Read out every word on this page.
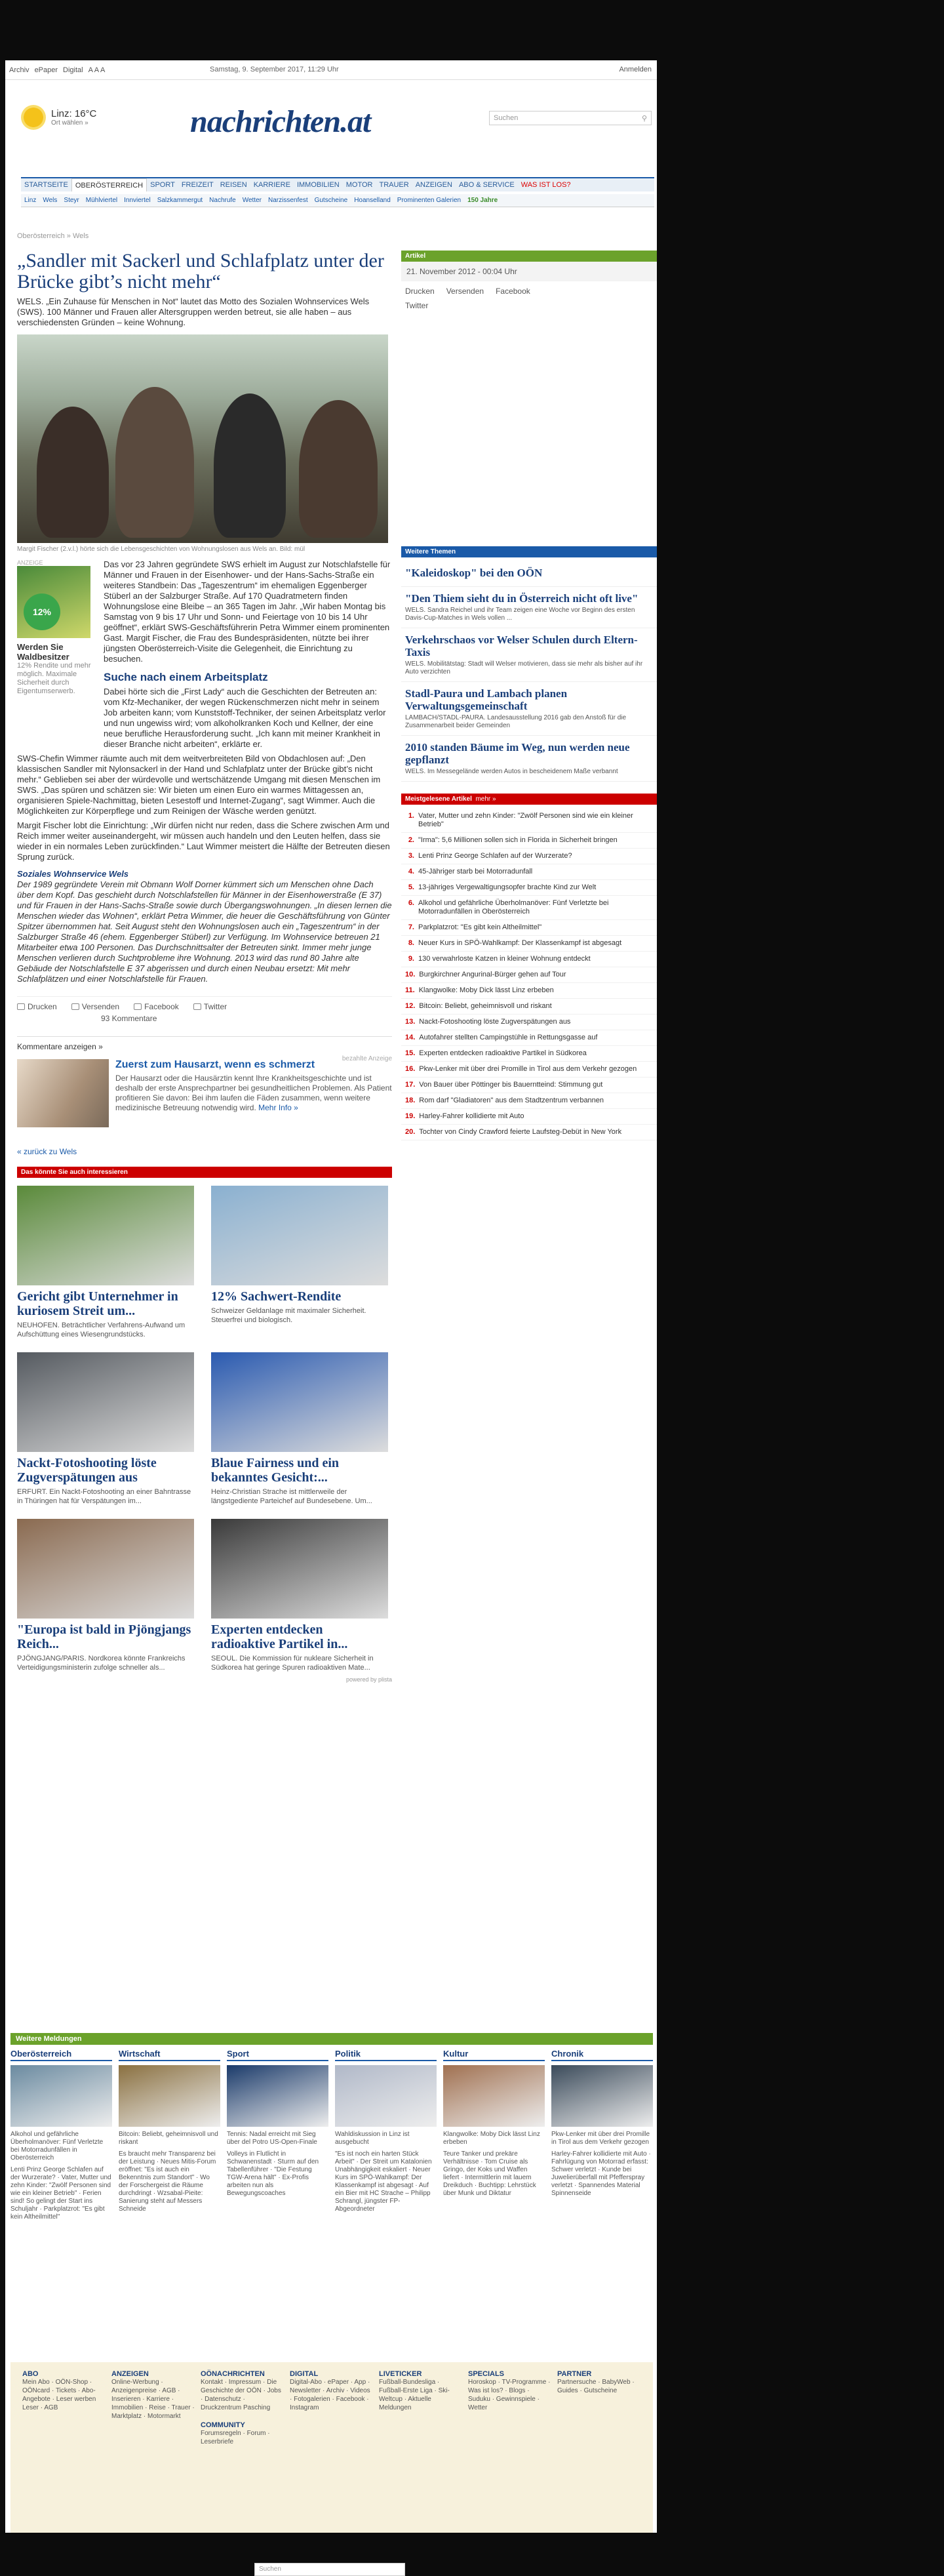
Archiv ePaper Digital A A A	Samstag, 9. September 2017, 11:29 Uhr	Anmelden
Linz: 16°C
Ort wählen »	nachrichten.at	Suchen	⚲
STARTSEITE	OBERÖSTERREICH	SPORT FREIZEIT REISEN KARRIERE IMMOBILIEN MOTOR TRAUER ANZEIGEN ABO & SERVICE WAS IST LOS?
Linz	Wels	Steyr	Mühlviertel	Innviertel	Salzkammergut	Nachrufe	Wetter	Narzissenfest	Gutscheine	Hoanselland	Prominenten Galerien	150 Jahre
Oberösterreich » Wels
„Sandler mit Sackerl und Schlafplatz unter der Brücke gibt’s nicht mehr“

WELS. „Ein Zuhause für Menschen in Not“ lautet das Motto des Sozialen Wohnservices Wels (SWS). 100 Männer und Frauen aller Altersgruppen werden betreut, sie alle haben – aus verschiedensten Gründen – keine Wohnung.

Margit Fischer (2.v.l.) hörte sich die Lebensgeschichten von Wohnungslosen aus Wels an. Bild: mül

ANZEIGE
12%
Werden Sie Waldbesitzer

12% Rendite und mehr möglich. Maximale Sicherheit durch Eigentumserwerb.

Das vor 23 Jahren gegründete SWS erhielt im August zur Notschlafstelle für Männer und Frauen in der Eisenhower- und der Hans-Sachs-Straße ein weiteres Standbein: Das „Tageszentrum“ im ehemaligen Eggenberger Stüberl an der Salzburger Straße. Auf 170 Quadratmetern finden Wohnungslose eine Bleibe – an 365 Tagen im Jahr. „Wir haben Montag bis Samstag von 9 bis 17 Uhr und Sonn- und Feiertage von 10 bis 14 Uhr geöffnet“, erklärt SWS-Geschäftsführerin Petra Wimmer einem prominenten Gast. Margit Fischer, die Frau des Bundespräsidenten, nützte bei ihrer jüngsten Oberösterreich-Visite die Gelegenheit, die Einrichtung zu besuchen.

Suche nach einem Arbeitsplatz

Dabei hörte sich die „First Lady“ auch die Geschichten der Betreuten an: vom Kfz-Mechaniker, der wegen Rückenschmerzen nicht mehr in seinem Job arbeiten kann; vom Kunststoff-Techniker, der seinen Arbeitsplatz verlor und nun ungewiss wird; vom alkoholkranken Koch und Kellner, der eine neue berufliche Herausforderung sucht. „Ich kann mit meiner Krankheit in dieser Branche nicht arbeiten“, erklärte er.

SWS-Chefin Wimmer räumte auch mit dem weitverbreiteten Bild von Obdachlosen auf: „Den klassischen Sandler mit Nylonsackerl in der Hand und Schlafplatz unter der Brücke gibt’s nicht mehr.“ Geblieben sei aber der würdevolle und wertschätzende Umgang mit diesen Menschen im SWS. „Das spüren und schätzen sie: Wir bieten um einen Euro ein warmes Mittagessen an, organisieren Spiele-Nachmittag, bieten Lesestoff und Internet-Zugang“, sagt Wimmer. Auch die Möglichkeiten zur Körperpflege und zum Reinigen der Wäsche werden genützt.

Margit Fischer lobt die Einrichtung: „Wir dürfen nicht nur reden, dass die Schere zwischen Arm und Reich immer weiter auseinandergeht, wir müssen auch handeln und den Leuten helfen, dass sie wieder in ein normales Leben zurückfinden.“ Laut Wimmer meistert die Hälfte der Betreuten diesen Sprung zurück.

Soziales Wohnservice Wels
Der 1989 gegründete Verein mit Obmann Wolf Dorner kümmert sich um Menschen ohne Dach über dem Kopf. Das geschieht durch Notschlafstellen für Männer in der Eisenhowerstraße (E 37) und für Frauen in der Hans-Sachs-Straße sowie durch Übergangswohnungen. „In diesen lernen die Menschen wieder das Wohnen“, erklärt Petra Wimmer, die heuer die Geschäftsführung von Günter Spitzer übernommen hat. Seit August steht den Wohnungslosen auch ein „Tageszentrum“ in der Salzburger Straße 46 (ehem. Eggenberger Stüberl) zur Verfügung. Im Wohnservice betreuen 21 Mitarbeiter etwa 100 Personen. Das Durchschnittsalter der Betreuten sinkt. Immer mehr junge Menschen verlieren durch Suchtprobleme ihre Wohnung. 2013 wird das rund 80 Jahre alte Gebäude der Notschlafstelle E 37 abgerissen und durch einen Neubau ersetzt: Mit mehr Schlafplätzen und einer Notschlafstelle für Frauen.
Drucken	Versenden	Facebook	Twitter
93 Kommentare
Kommentare anzeigen »
bezahlte Anzeige
Zuerst zum Hausarzt, wenn es schmerzt

Der Hausarzt oder die Hausärztin kennt Ihre Krankheitsgeschichte und ist deshalb der erste Ansprechpartner bei gesundheitlichen Problemen. Als Patient profitieren Sie davon: Bei ihm laufen die Fäden zusammen, wenn weitere medizinische Betreuung notwendig wird. Mehr Info »

« zurück zu Wels
Das könnte Sie auch interessieren
Gericht gibt Unternehmer in kuriosem Streit um...

NEUHOFEN. Beträchtlicher Verfahrens-Aufwand um Aufschüttung eines Wiesengrundstücks.

12% Sachwert-Rendite

Schweizer Geldanlage mit maximaler Sicherheit. Steuerfrei und biologisch.

Nackt-Fotoshooting löste Zugverspätungen aus

ERFURT. Ein Nackt-Fotoshooting an einer Bahntrasse in Thüringen hat für Verspätungen im...

Blaue Fairness und ein bekanntes Gesicht:...

Heinz-Christian Strache ist mittlerweile der längstgediente Parteichef auf Bundesebene. Um...

"Europa ist bald in Pjöngjangs Reich...

PJÖNGJANG/PARIS. Nordkorea könnte Frankreichs Verteidigungsministerin zufolge schneller als...

Experten entdecken radioaktive Partikel in...

SEOUL. Die Kommission für nukleare Sicherheit in Südkorea hat geringe Spuren radioaktiven Mate...

powered by plista
Artikel
21. November 2012 - 00:04 Uhr
Drucken Versenden Facebook
Twitter
Weitere Themen
"Kaleidoskop" bei den OÖN

"Den Thiem sieht du in Österreich nicht oft live"

WELS. Sandra Reichel und ihr Team zeigen eine Woche vor Beginn des ersten Davis-Cup-Matches in Wels vollen ...

Verkehrschaos vor Welser Schulen durch Eltern-Taxis

WELS. Mobilitätstag: Stadt will Welser motivieren, dass sie mehr als bisher auf ihr Auto verzichten

Stadl-Paura und Lambach planen Verwaltungsgemeinschaft

LAMBACH/STADL-PAURA. Landesausstellung 2016 gab den Anstoß für die Zusammenarbeit beider Gemeinden

2010 standen Bäume im Weg, nun werden neue gepflanzt

WELS. Im Messegelände werden Autos in bescheidenem Maße verbannt

Meistgelesene Artikel mehr »
1. Vater, Mutter und zehn Kinder: "Zwölf Personen sind wie ein kleiner Betrieb"
2. "Irma": 5,6 Millionen sollen sich in Florida in Sicherheit bringen
3. Lenti Prinz George Schlafen auf der Wurzerate?
4. 45-Jähriger starb bei Motorradunfall
5. 13-jähriges Vergewaltigungsopfer brachte Kind zur Welt
6. Alkohol und gefährliche Überholmanöver: Fünf Verletzte bei Motorradunfällen in Oberösterreich
7. Parkplatzrot: "Es gibt kein Altheilmittel"
8. Neuer Kurs in SPÖ-Wahlkampf: Der Klassenkampf ist abgesagt
9. 130 verwahrloste Katzen in kleiner Wohnung entdeckt
10. Burgkirchner Angurinal-Bürger gehen auf Tour
11. Klangwolke: Moby Dick lässt Linz erbeben
12. Bitcoin: Beliebt, geheimnisvoll und riskant
13. Nackt-Fotoshooting löste Zugverspätungen aus
14. Autofahrer stellten Campingstühle in Rettungsgasse auf
15. Experten entdecken radioaktive Partikel in Südkorea
16. Pkw-Lenker mit über drei Promille in Tirol aus dem Verkehr gezogen
17. Von Bauer über Pöttinger bis Bauerntteind: Stimmung gut
18. Rom darf "Gladiatoren" aus dem Stadtzentrum verbannen
19. Harley-Fahrer kollidierte mit Auto
20. Tochter von Cindy Crawford feierte Laufsteg-Debüt in New York
Weitere Meldungen
Oberösterreich

Alkohol und gefährliche Überholmanöver: Fünf Verletzte bei Motorradunfällen in Oberösterreich

Lenti Prinz George Schlafen auf der Wurzerate? · Vater, Mutter und zehn Kinder: "Zwölf Personen sind wie ein kleiner Betrieb" · Ferien sind! So gelingt der Start ins Schuljahr · Parkplatzrot: "Es gibt kein Altheilmittel"

Wirtschaft

Bitcoin: Beliebt, geheimnisvoll und riskant

Es braucht mehr Transparenz bei der Leistung · Neues Mitis-Forum eröffnet: "Es ist auch ein Bekenntnis zum Standort" · Wo der Forschergeist die Räume durchdringt · Wzsabal-Pieite: Sanierung steht auf Messers Schneide

Sport

Tennis: Nadal erreicht mit Sieg über del Potro US-Open-Finale

Volleys in Flutlicht in Schwanenstadt · Sturm auf den Tabellenführer · "Die Festung TGW-Arena hält" · Ex-Profis arbeiten nun als Bewegungscoaches

Politik

Wahldiskussion in Linz ist ausgebucht

"Es ist noch ein harten Stück Arbeit" · Der Streit um Katalonien Unabhängigkeit eskaliert · Neuer Kurs im SPÖ-Wahlkampf: Der Klassenkampf ist abgesagt · Auf ein Bier mit HC Strache – Philipp Schrangl, jüngster FP-Abgeordneter

Kultur

Klangwolke: Moby Dick lässt Linz erbeben

Teure Tanker und prekäre Verhältnisse · Tom Cruise als Gringo, der Koks und Waffen liefert · Intermittlerin mit lauem Dreikduch · Buchtipp: Lehrstück über Munk und Diktatur

Chronik

Pkw-Lenker mit über drei Promille in Tirol aus dem Verkehr gezogen

Harley-Fahrer kollidierte mit Auto · Fahrlügung von Motorrad erfasst: Schwer verletzt · Kunde bei Juwelierüberfall mit Pfefferspray verletzt · Spannendes Material Spinnenseide

ABO

Mein Abo · OÖN-Shop · OÖNcard · Tickets · Abo-Angebote · Leser werben Leser · AGB

ANZEIGEN

Online-Werbung · Anzeigenpreise · AGB · Inserieren · Karriere · Immobilien · Reise · Trauer · Marktplatz · Motormarkt

OÖNACHRICHTEN

Kontakt · Impressum · Die Geschichte der OÖN · Jobs · Datenschutz · Druckzentrum Pasching

COMMUNITY

Forumsregeln · Forum · Leserbriefe

DIGITAL

Digital-Abo · ePaper · App · Newsletter · Archiv · Videos · Fotogalerien · Facebook · Instagram

LIVETICKER

Fußball-Bundesliga · Fußball-Erste Liga · Ski-Weltcup · Aktuelle Meldungen

SPECIALS

Horoskop · TV-Programme · Was ist los? · Blogs · Suduku · Gewinnspiele · Wetter

PARTNER

Partnersuche · BabyWeb · Guides · Gutscheine

Suchen
